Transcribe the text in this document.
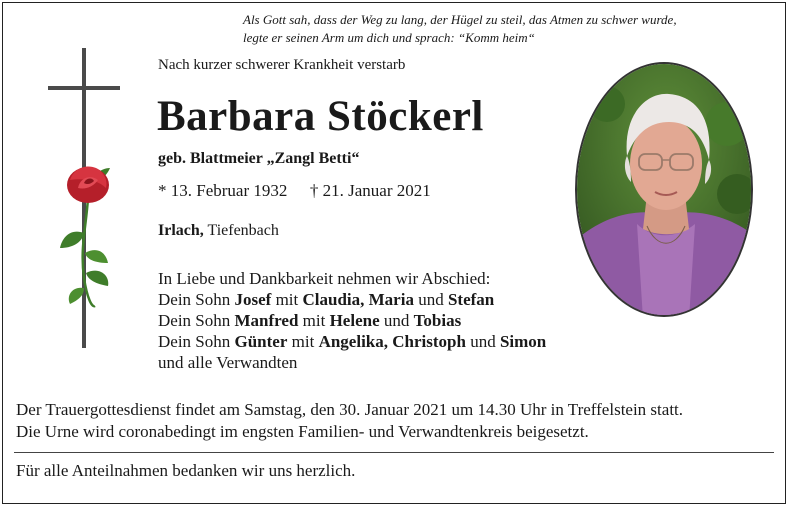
Als Gott sah, dass der Weg zu lang, der Hügel zu steil, das Atmen zu schwer wurde,
legte er seinen Arm um dich und sprach: “Komm heim“
Nach kurzer schwerer Krankheit verstarb
Barbara Stöckerl
geb. Blattmeier „Zangl Betti“
* 13. Februar 1932 † 21. Januar 2021
Irlach, Tiefenbach
In Liebe und Dankbarkeit nehmen wir Abschied:
Dein Sohn Josef mit Claudia, Maria und Stefan
Dein Sohn Manfred mit Helene und Tobias
Dein Sohn Günter mit Angelika, Christoph und Simon
und alle Verwandten
Der Trauergottesdienst findet am Samstag, den 30. Januar 2021 um 14.30 Uhr in Treffelstein statt.
Die Urne wird coronabedingt im engsten Familien- und Verwandtenkreis beigesetzt.
Für alle Anteilnahmen bedanken wir uns herzlich.
